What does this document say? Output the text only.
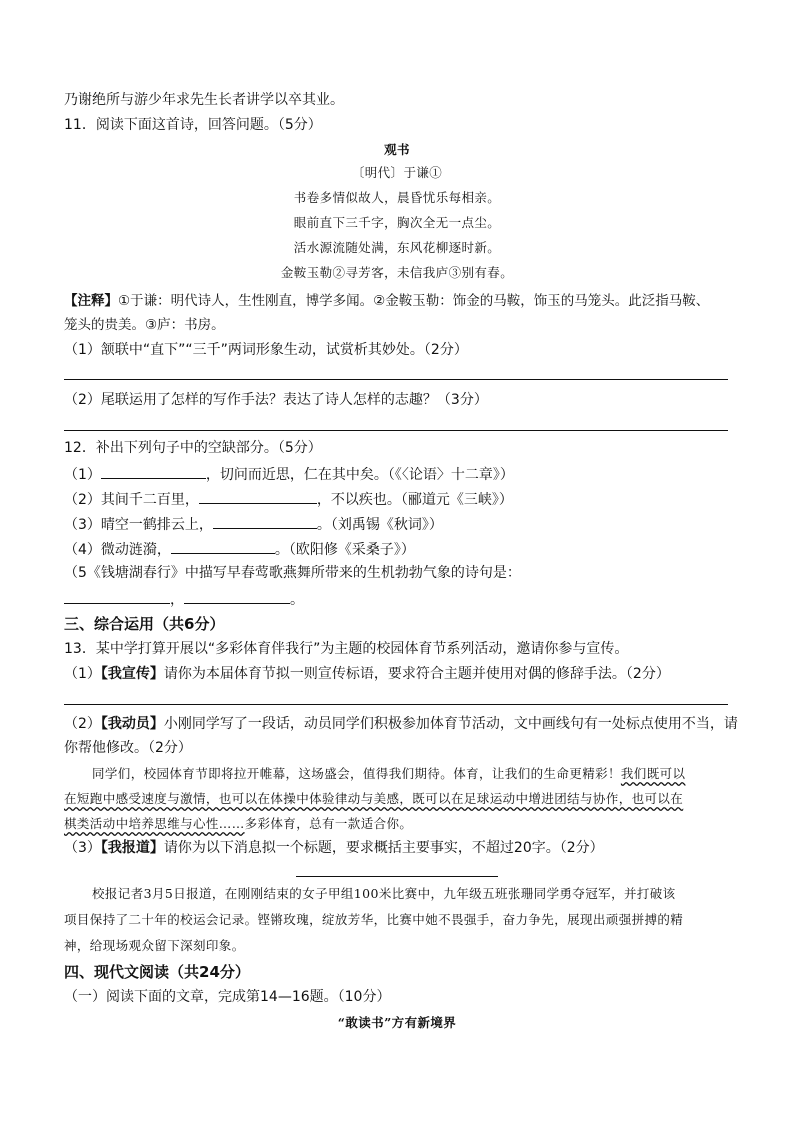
乃谢绝所与游少年求先生长者讲学以卒其业。
11．阅读下面这首诗，回答问题。（5分）
观书
〔明代〕于谦①
书卷多情似故人，晨昏忧乐每相亲。
眼前直下三千字，胸次全无一点尘。
活水源流随处满，东风花柳逐时新。
金鞍玉勒②寻芳客，未信我庐③别有春。
【注释】①于谦：明代诗人，生性刚直，博学多闻。②金鞍玉勒：饰金的马鞍，饰玉的马笼头。此泛指马鞍、
笼头的贵美。③庐：书房。
（1）颔联中“直下”“三千”两词形象生动，试赏析其妙处。（2分）
（2）尾联运用了怎样的写作手法？表达了诗人怎样的志趣？（3分）
12．补出下列句子中的空缺部分。（5分）
（1）	，切问而近思，仁在其中矣。（《〈论语〉十二章》）
（2）其间千二百里，	，不以疾也。（郦道元《三峡》）
（3）晴空一鹤排云上，	。（刘禹锡《秋词》）
（4）微动涟漪，	。（欧阳修《采桑子》）
（5《钱塘湖春行》中描写早春莺歌燕舞所带来的生机勃勃气象的诗句是：
，	。
三、综合运用（共6分）
13．某中学打算开展以“多彩体育伴我行”为主题的校园体育节系列活动，邀请你参与宣传。
（1）【我宣传】请你为本届体育节拟一则宣传标语，要求符合主题并使用对偶的修辞手法。（2分）
（2）【我动员】小刚同学写了一段话，动员同学们积极参加体育节活动，文中画线句有一处标点使用不当，请
你帮他修改。（2分）
同学们，校园体育节即将拉开帷幕，这场盛会，值得我们期待。体育，让我们的生命更精彩！我们既可以
在短跑中感受速度与激情，也可以在体操中体验律动与美感，既可以在足球运动中增进团结与协作，也可以在
棋类活动中培养思维与心性……多彩体育，总有一款适合你。
（3）【我报道】请你为以下消息拟一个标题，要求概括主要事实，不超过20字。（2分）
校报记者3月5日报道，在刚刚结束的女子甲组100米比赛中，九年级五班张珊同学勇夺冠军，并打破该
项目保持了二十年的校运会记录。铿锵玫瑰，绽放芳华，比赛中她不畏强手，奋力争先，展现出顽强拼搏的精
神，给现场观众留下深刻印象。
四、现代文阅读（共24分）
（一）阅读下面的文章，完成第14—16题。（10分）
“敢读书”方有新境界
